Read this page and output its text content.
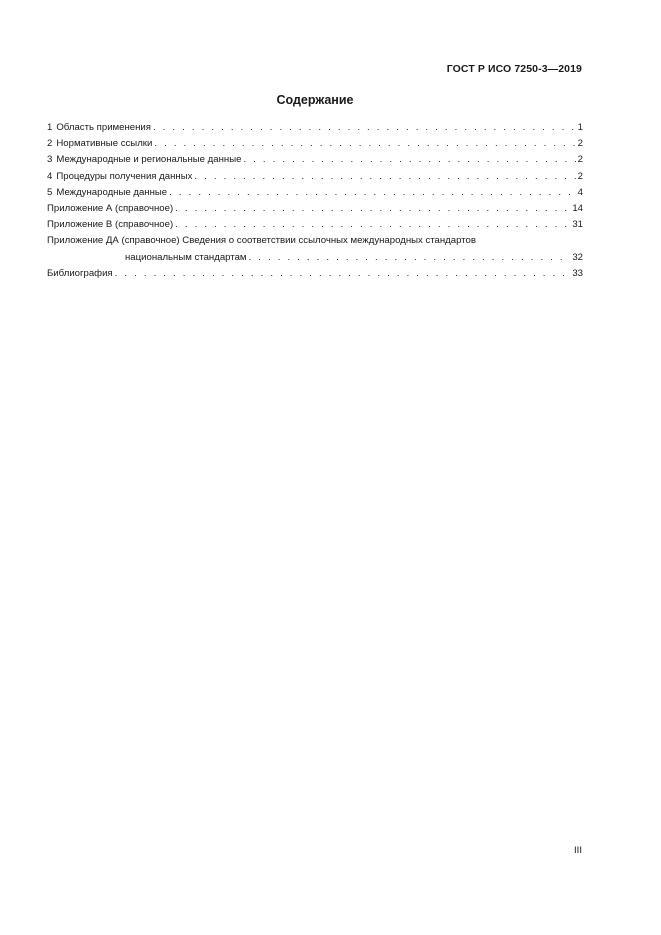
ГОСТ Р ИСО 7250-3—2019
Содержание
1 Область применения . . .	1
2 Нормативные ссылки . . .	2
3 Международные и региональные данные . . .	2
4 Процедуры получения данных . . .	2
5 Международные данные . . .	4
Приложение А (справочное) . . .	14
Приложение В (справочное) . . .	31
Приложение ДА (справочное) Сведения о соответствии ссылочных международных стандартов
национальным стандартам . . .	32
Библиография . . .	33
III
